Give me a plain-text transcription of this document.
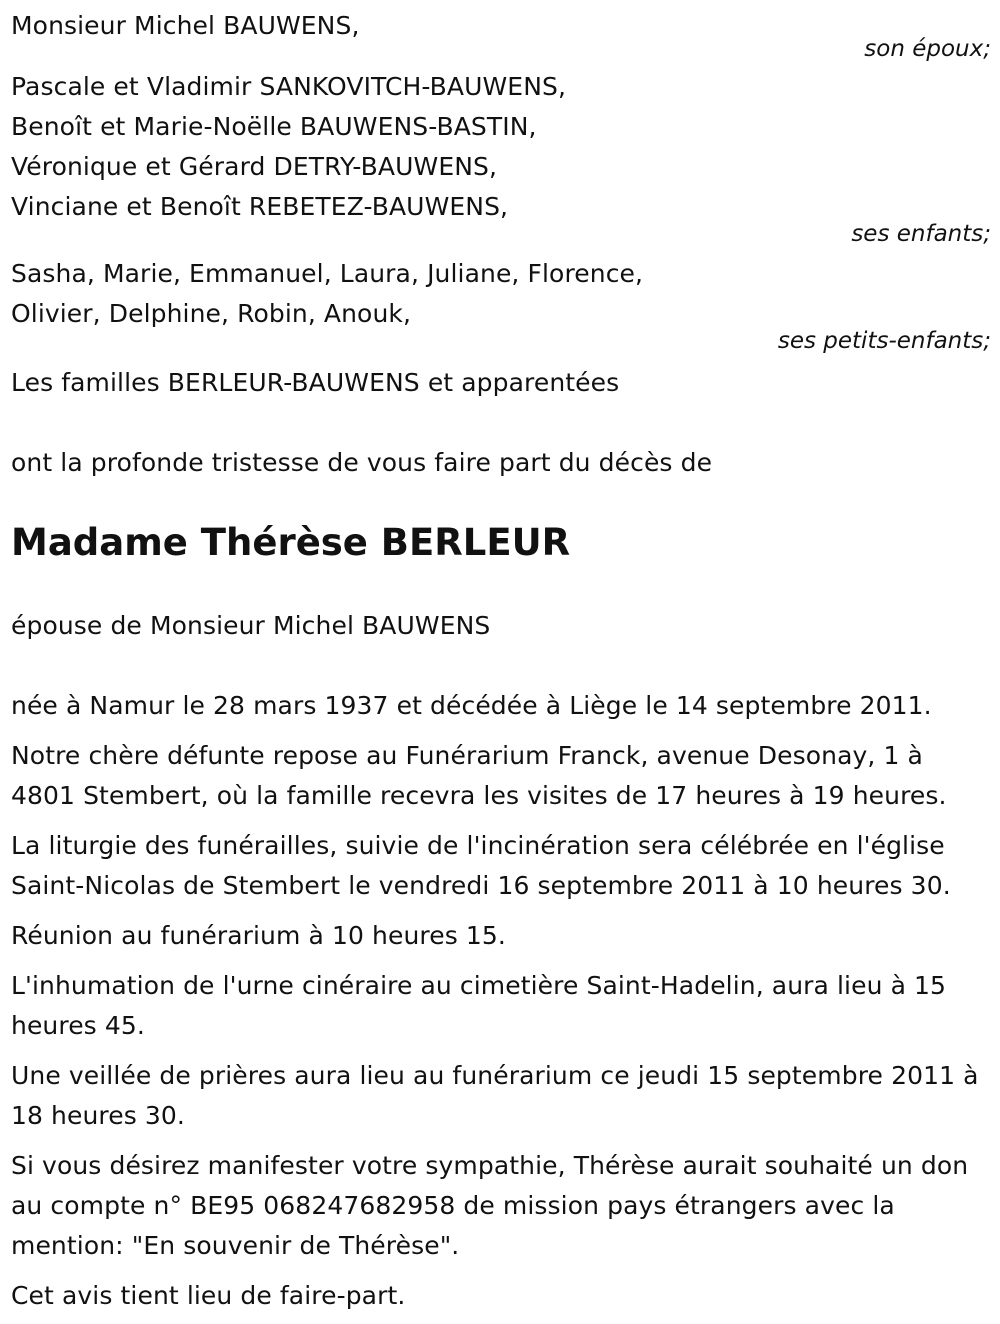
Monsieur Michel BAUWENS,
son époux;
Pascale et Vladimir SANKOVITCH-BAUWENS,
Benoît et Marie-Noëlle BAUWENS-BASTIN,
Véronique et Gérard DETRY-BAUWENS,
Vinciane et Benoît REBETEZ-BAUWENS,
ses enfants;
Sasha, Marie, Emmanuel, Laura, Juliane, Florence,
Olivier, Delphine, Robin, Anouk,
ses petits-enfants;
Les familles BERLEUR-BAUWENS et apparentées
ont la profonde tristesse de vous faire part du décès de
Madame Thérèse BERLEUR
épouse de Monsieur Michel BAUWENS

née à Namur le 28 mars 1937 et décédée à Liège le 14 septembre 2011.

Notre chère défunte repose au Funérarium Franck, avenue Desonay, 1 à 4801 Stembert, où la famille recevra les visites de 17 heures à 19 heures.

La liturgie des funérailles, suivie de l'incinération sera célébrée en l'église Saint-Nicolas de Stembert le vendredi 16 septembre 2011 à 10 heures 30.

Réunion au funérarium à 10 heures 15.

L'inhumation de l'urne cinéraire au cimetière Saint-Hadelin, aura lieu à 15 heures 45.

Une veillée de prières aura lieu au funérarium ce jeudi 15 septembre 2011 à 18 heures 30.

Si vous désirez manifester votre sympathie, Thérèse aurait souhaité un don au compte n° BE95 068247682958 de mission pays étrangers avec la mention: "En souvenir de Thérèse".

Cet avis tient lieu de faire-part.
